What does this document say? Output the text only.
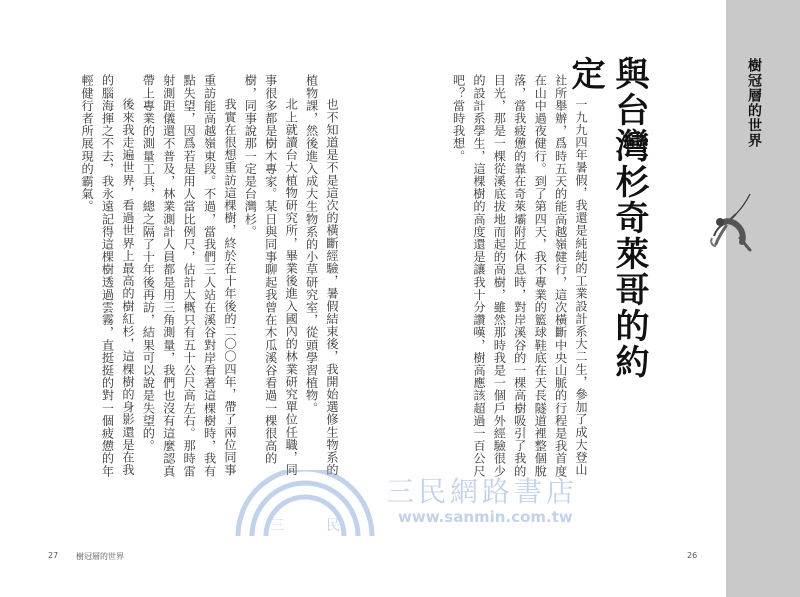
樹冠層的世界
與台灣杉奇萊哥的約定

一九九四年暑假，我還是純純的工業設計系大二生，參加了成大登山社所舉辦，爲時五天的能高越嶺健行，這次橫斷中央山脈的行程是我首度在山中過夜健行。到了第四天，我不專業的籃球鞋底在天長隧道裡整個脫落，當我疲憊的靠在奇萊壩附近休息時，對岸溪谷的一棵高樹吸引了我的目光，那是一棵從溪底拔地而起的高樹，雖然那時我是一個戶外經驗很少的設計系學生，這棵樹的高度還是讓我十分讚嘆，樹高應該超過一百公尺吧？當時我想。

也不知道是不是這次的橫斷經驗，暑假結束後，我開始選修生物系的植物課，然後進入成大生物系的小草研究室，從頭學習植物。

北上就讀台大植物研究所，畢業後進入國內的林業研究單位任職，同事很多都是樹木專家。某日與同事聊起我曾在木瓜溪谷看過一棵很高的樹，同事說那一定是台灣杉。

我實在很想重訪這棵樹，終於在十年後的二〇〇四年，帶了兩位同事重訪能高越嶺東段。不過，當我們三人站在溪谷對岸看著這棵樹時，我有點失望，因爲若是用人當比例尺，估計大概只有五十公尺高左右。那時雷射測距儀還不普及，林業測計人員都是用三角測量，我們也沒有這麼認真帶上專業的測量工具，總之隔了十年後再訪，結果可以說是失望的。

後來我走遍世界，看過世界上最高的樹紅杉，這棵樹的身影還是在我的腦海揮之不去，我永遠記得這棵樹透過雲霧，直挺挺的對一個疲憊的年輕健行者所展現的霸氣。

三	民
三民網路書店
www.sanmin.com.tw
27 樹冠層的世界	26
